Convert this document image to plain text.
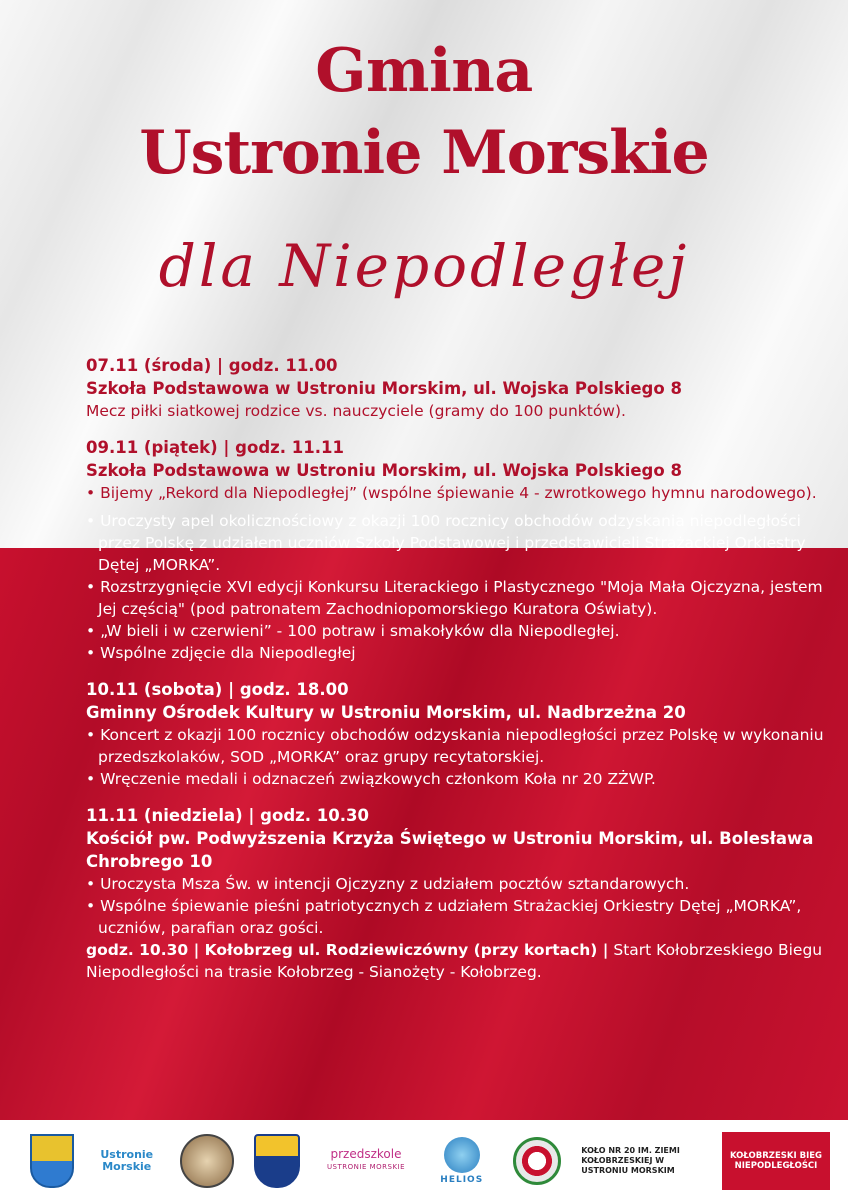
Gmina
Ustronie Morskie
dla Niepodległej
07.11 (środa) | godz. 11.00
Szkoła Podstawowa w Ustroniu Morskim, ul. Wojska Polskiego 8
Mecz piłki siatkowej rodzice vs. nauczyciele (gramy do 100 punktów).
09.11 (piątek) | godz. 11.11
Szkoła Podstawowa w Ustroniu Morskim, ul. Wojska Polskiego 8
• Bijemy „Rekord dla Niepodległej” (wspólne śpiewanie 4 - zwrotkowego hymnu narodowego).
• Uroczysty apel okolicznościowy z okazji 100 rocznicy obchodów odzyskania niepodległości przez Polskę z udziałem uczniów Szkoły Podstawowej i przedstawicieli Strażackiej Orkiestry Dętej „MORKA”.
• Rozstrzygnięcie XVI edycji Konkursu Literackiego i Plastycznego "Moja Mała Ojczyzna, jestem Jej częścią" (pod patronatem Zachodniopomorskiego Kuratora Oświaty).
• „W bieli i w czerwieni” - 100 potraw i smakołyków dla Niepodległej.
• Wspólne zdjęcie dla Niepodległej
10.11 (sobota) | godz. 18.00
Gminny Ośrodek Kultury w Ustroniu Morskim, ul. Nadbrzeżna 20
• Koncert z okazji 100 rocznicy obchodów odzyskania niepodległości przez Polskę w wykonaniu przedszkolaków, SOD „MORKA” oraz grupy recytatorskiej.
• Wręczenie medali i odznaczeń związkowych członkom Koła nr 20 ZŻWP.
11.11 (niedziela) | godz. 10.30
Kościół pw. Podwyższenia Krzyża Świętego w Ustroniu Morskim, ul. Bolesława Chrobrego 10
• Uroczysta Msza Św. w intencji Ojczyzny z udziałem pocztów sztandarowych.
• Wspólne śpiewanie pieśni patriotycznych z udziałem Strażackiej Orkiestry Dętej „MORKA”, uczniów, parafian oraz gości.
godz. 10.30 | Kołobrzeg ul. Rodziewiczówny (przy kortach) | Start Kołobrzeskiego Biegu Niepodległości na trasie Kołobrzeg - Sianożęty - Kołobrzeg.
Ustronie Morskie
przedszkole
USTRONIE MORSKIE
HELIOS
KOŁO NR 20 IM. ZIEMI KOŁOBRZESKIEJ W USTRONIU MORSKIM
KOŁOBRZESKI BIEG NIEPODLEGŁOŚCI
